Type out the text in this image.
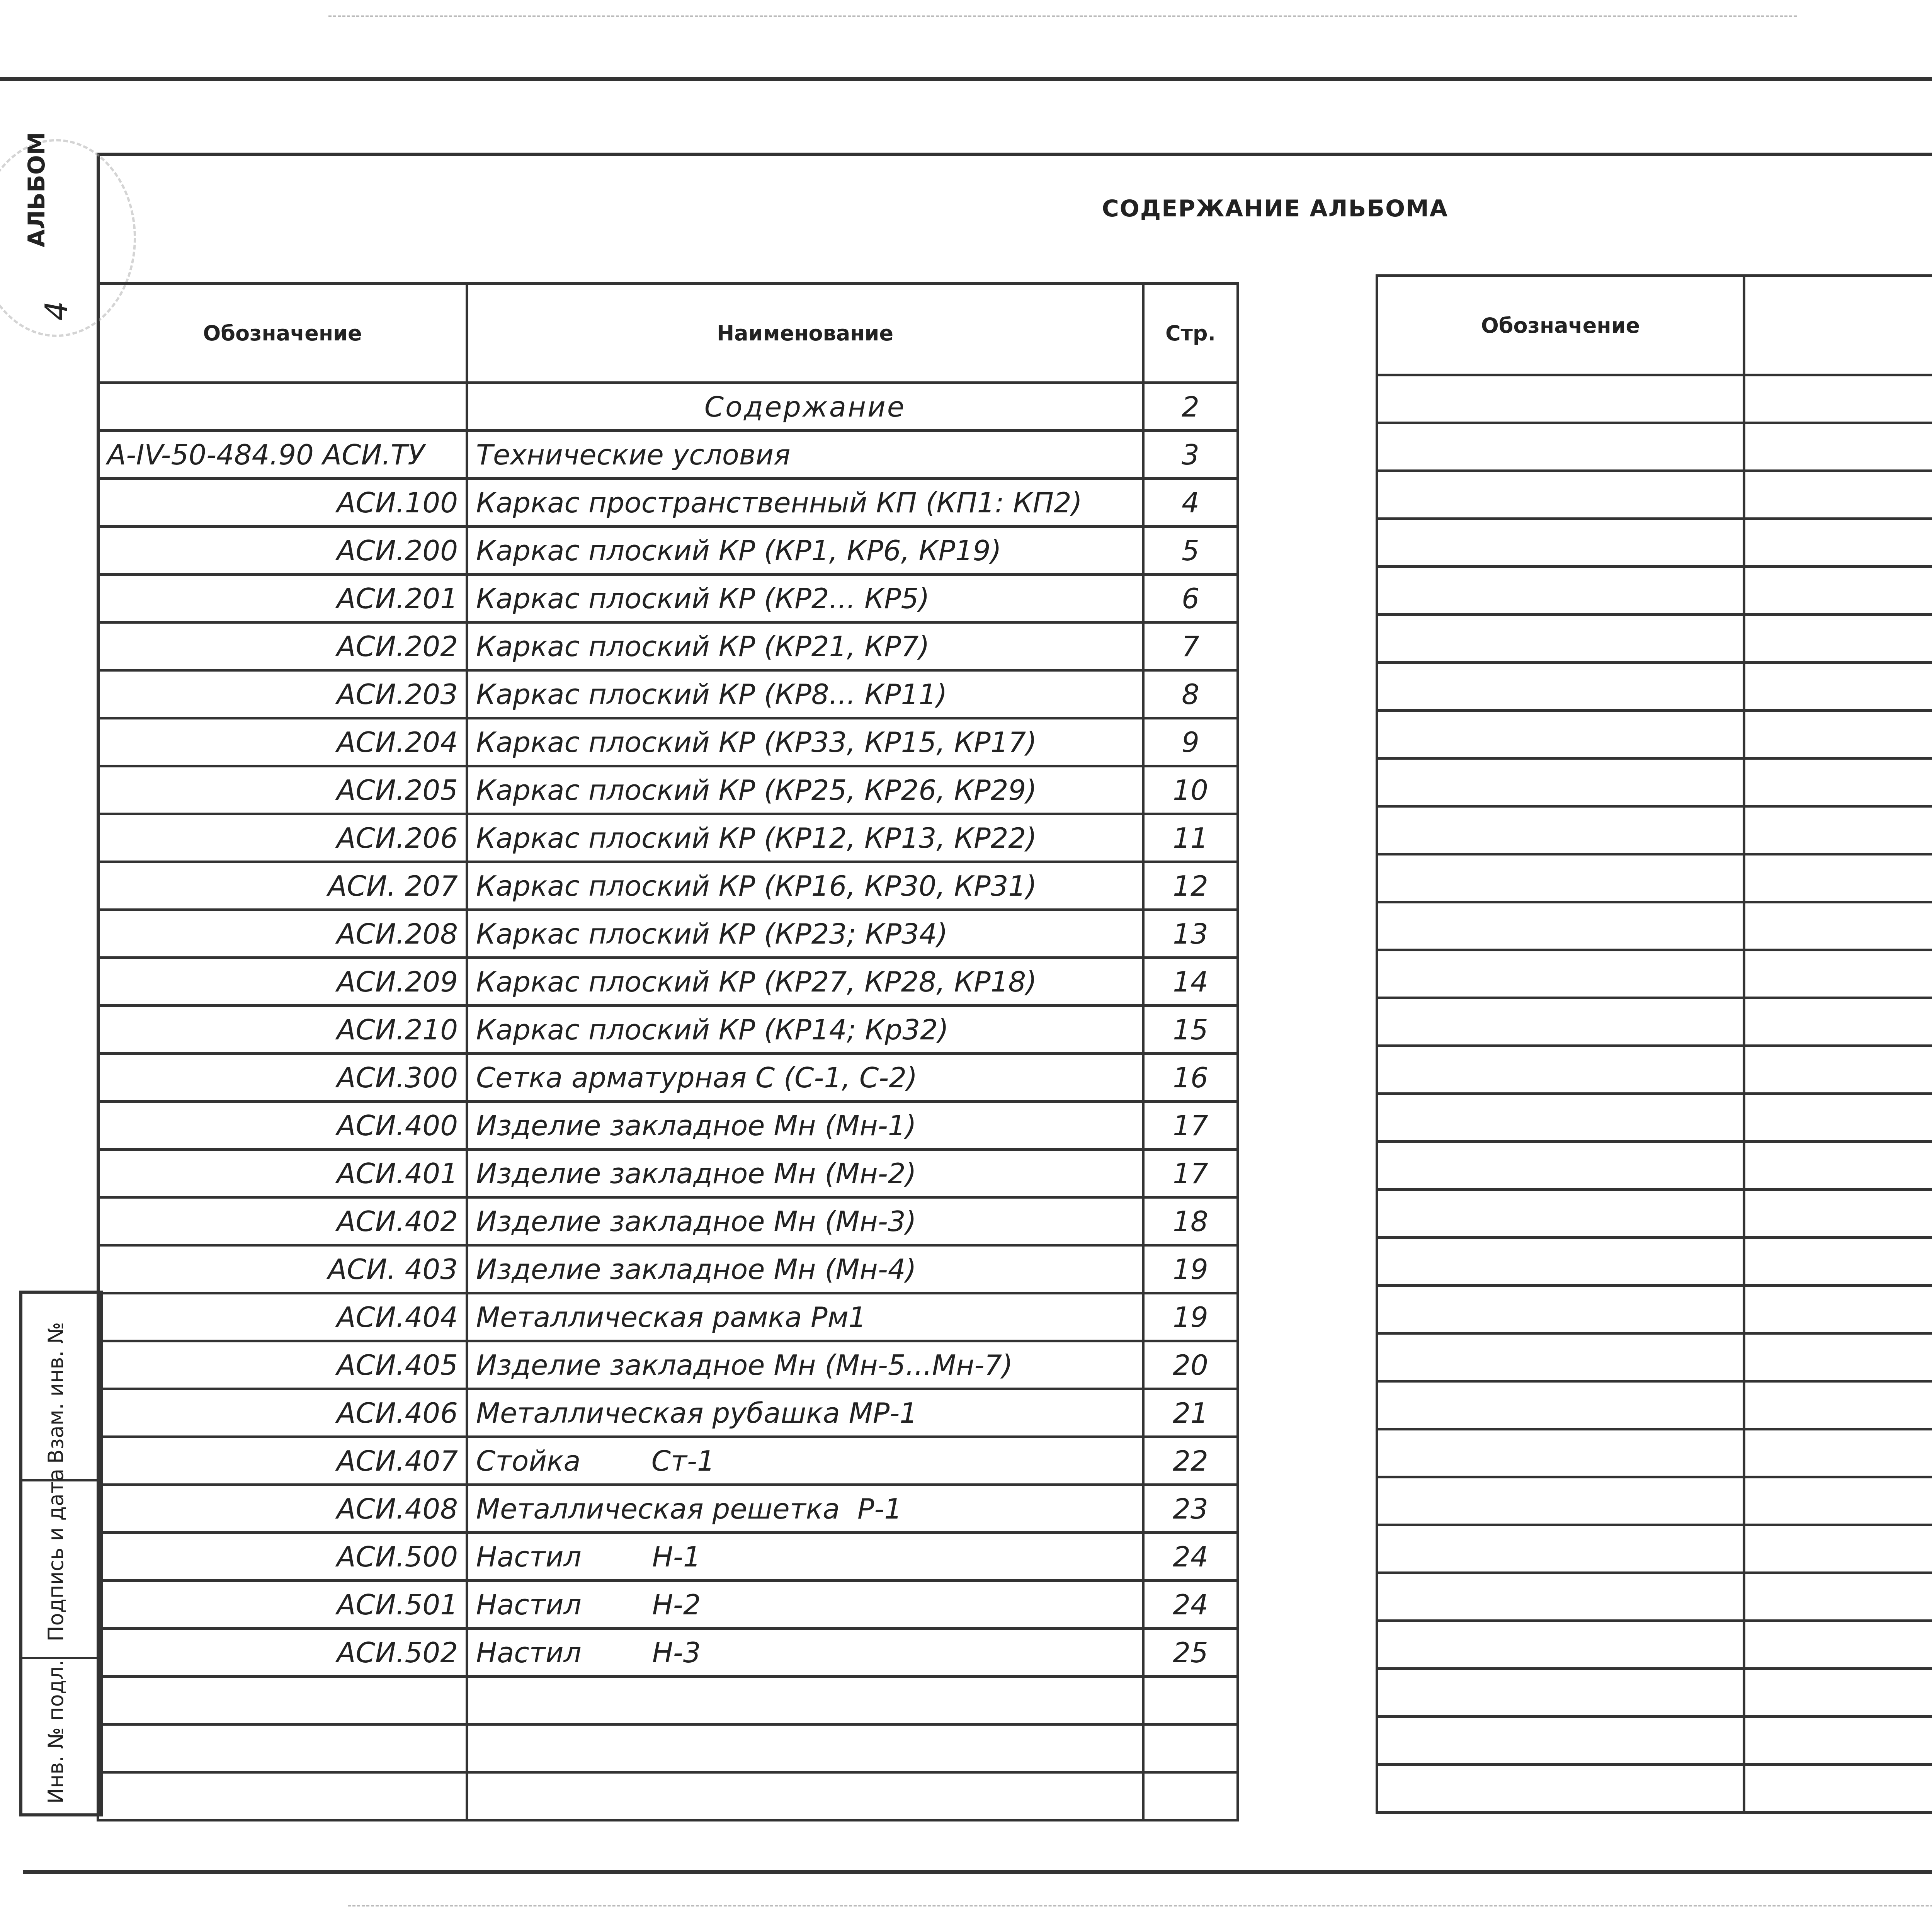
АЛЬБОМ
4
СОДЕРЖАНИЕ АЛЬБОМА
Обозначение	Наименование	Стр.
	Содержание	2
А-IV-50-484.90 АСИ.ТУ	Технические условия	3
АСИ.100	Каркас пространственный КП (КП1: КП2)	4
АСИ.200	Каркас плоский КР (КР1, КР6, КР19)	5
АСИ.201	Каркас плоский КР (КР2... КР5)	6
АСИ.202	Каркас плоский КР (КР21, КР7)	7
АСИ.203	Каркас плоский КР (КР8... КР11)	8
АСИ.204	Каркас плоский КР (КР33, КР15, КР17)	9
АСИ.205	Каркас плоский КР (КР25, КР26, КР29)	10
АСИ.206	Каркас плоский КР (КР12, КР13, КР22)	11
АСИ. 207	Каркас плоский КР (КР16, КР30, КР31)	12
АСИ.208	Каркас плоский КР (КР23; КР34)	13
АСИ.209	Каркас плоский КР (КР27, КР28, КР18)	14
АСИ.210	Каркас плоский КР (КР14; Кр32)	15
АСИ.300	Сетка арматурная С (С-1, С-2)	16
АСИ.400	Изделие закладное Мн (Мн-1)	17
АСИ.401	Изделие закладное Мн (Мн-2)	17
АСИ.402	Изделие закладное Мн (Мн-3)	18
АСИ. 403	Изделие закладное Мн (Мн-4)	19
АСИ.404	Металлическая рамка Рм1	19
АСИ.405	Изделие закладное Мн (Мн-5...Мн-7)	20
АСИ.406	Металлическая рубашка МР-1	21
АСИ.407	Стойка        Ст-1	22
АСИ.408	Металлическая решетка  Р-1	23
АСИ.500	Настил        Н-1	24
АСИ.501	Настил        Н-2	24
АСИ.502	Настил        Н-3	25

Обозначение		

Взам. инв. №
Подпись и дата
Инв. № подл.
